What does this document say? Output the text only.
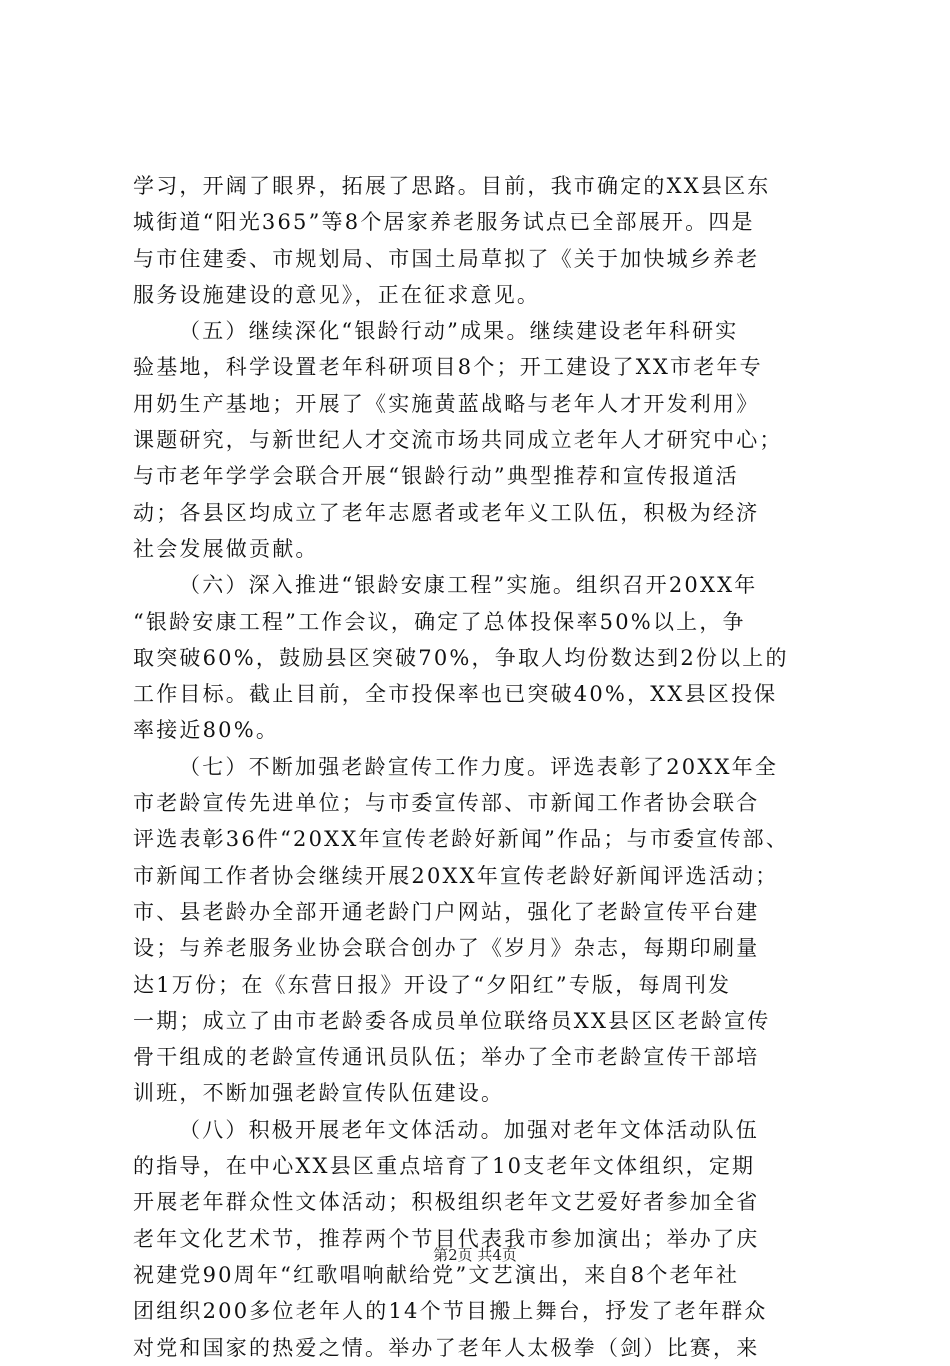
学习，开阔了眼界，拓展了思路。目前，我市确定的XX县区东
城街道“阳光365”等8个居家养老服务试点已全部展开。四是
与市住建委、市规划局、市国土局草拟了《关于加快城乡养老
服务设施建设的意见》，正在征求意见。
（五）继续深化“银龄行动”成果。继续建设老年科研实
验基地，科学设置老年科研项目8个；开工建设了XX市老年专
用奶生产基地；开展了《实施黄蓝战略与老年人才开发利用》
课题研究，与新世纪人才交流市场共同成立老年人才研究中心；
与市老年学学会联合开展“银龄行动”典型推荐和宣传报道活
动；各县区均成立了老年志愿者或老年义工队伍，积极为经济
社会发展做贡献。
（六）深入推进“银龄安康工程”实施。组织召开20XX年
“银龄安康工程”工作会议，确定了总体投保率50%以上，争
取突破60%，鼓励县区突破70%，争取人均份数达到2份以上的
工作目标。截止目前，全市投保率也已突破40%，XX县区投保
率接近80%。
（七）不断加强老龄宣传工作力度。评选表彰了20XX年全
市老龄宣传先进单位；与市委宣传部、市新闻工作者协会联合
评选表彰36件“20XX年宣传老龄好新闻”作品；与市委宣传部、
市新闻工作者协会继续开展20XX年宣传老龄好新闻评选活动；
市、县老龄办全部开通老龄门户网站，强化了老龄宣传平台建
设；与养老服务业协会联合创办了《岁月》杂志，每期印刷量
达1万份；在《东营日报》开设了“夕阳红”专版，每周刊发
一期；成立了由市老龄委各成员单位联络员XX县区区老龄宣传
骨干组成的老龄宣传通讯员队伍；举办了全市老龄宣传干部培
训班，不断加强老龄宣传队伍建设。
（八）积极开展老年文体活动。加强对老年文体活动队伍
的指导，在中心XX县区重点培育了10支老年文体组织，定期
开展老年群众性文体活动；积极组织老年文艺爱好者参加全省
老年文化艺术节，推荐两个节目代表我市参加演出；举办了庆
祝建党90周年“红歌唱响献给党”文艺演出，来自8个老年社
团组织200多位老年人的14个节目搬上舞台，抒发了老年群众
对党和国家的热爱之情。举办了老年人太极拳（剑）比赛，来
第2页 共4页
